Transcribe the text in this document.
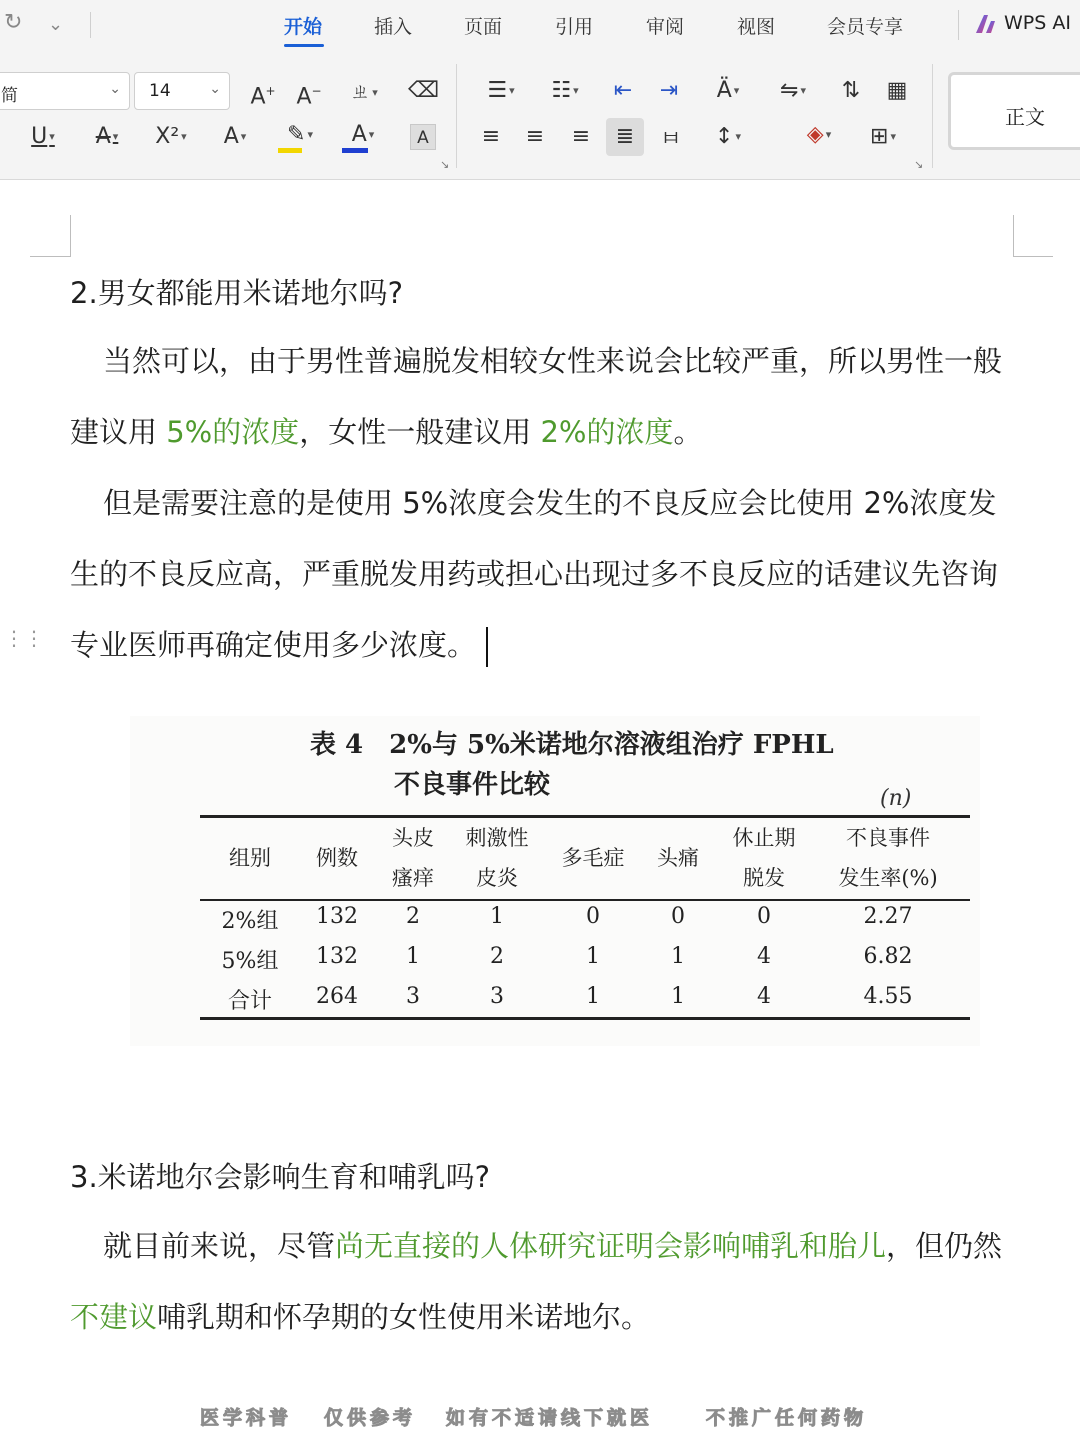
↻ ⌄	开始	插入	页面	引用	审阅	视图	会员专享	WPS AI
简	⌄	14	⌄ A+ A−	ㄓ ▾	⌫
U ▾	A ▾	X² ▾	A ▾	✎ ▾	A ▾	A
↘
☰ ▾	☷ ▾	⇤ ⇥	Ä ▾	⇋ ▾	⇅ ▦
≡ ≡ ≡	≣	⧦	↕ ▾	◈ ▾	⊞ ▾
↘
正文
2.男女都能用米诺地尔吗?
当然可以，由于男性普遍脱发相较女性来说会比较严重，所以男性一般建议用 5%的浓度，女性一般建议用 2%的浓度。
但是需要注意的是使用 5%浓度会发生的不良反应会比使用 2%浓度发生的不良反应高，严重脱发用药或担心出现过多不良反应的话建议先咨询专业医师再确定使用多少浓度。
⋮⋮
表 4　2%与 5%米诺地尔溶液组治疗 FPHL
不良事件比较	(n)
组别	例数
头皮
瘙痒
刺激性
皮炎
多毛症	头痛
休止期
脱发
不良事件
发生率(%)
2%组	132	2	1	0	0	0	2.27
5%组	132	1	2	1	1	4	6.82
合计	264	3	3	1	1	4	4.55
3.米诺地尔会影响生育和哺乳吗?
就目前来说，尽管尚无直接的人体研究证明会影响哺乳和胎儿，但仍然不建议哺乳期和怀孕期的女性使用米诺地尔。
医学科普 仅供参考 如有不适请线下就医	不推广任何药物
